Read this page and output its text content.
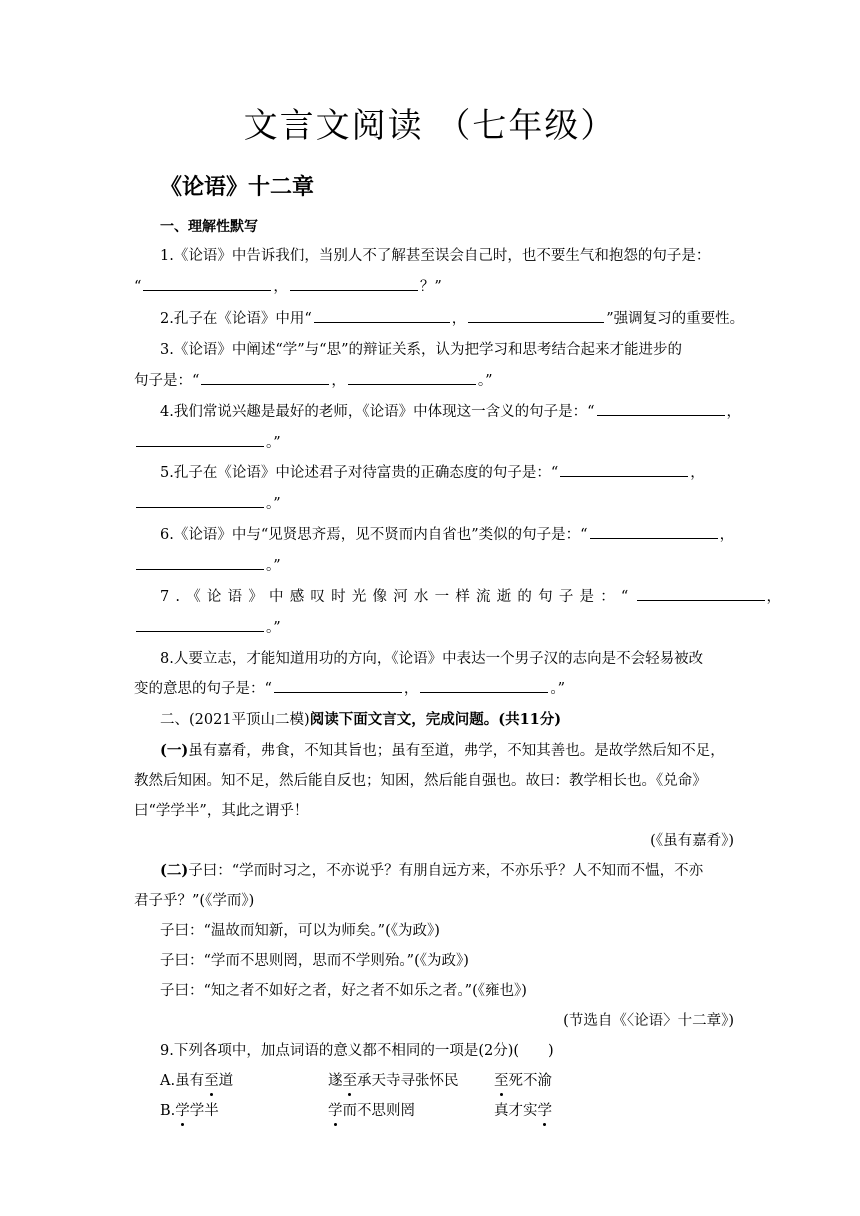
文言文阅读 （七年级）
《论语》十二章
一、理解性默写
1.《论语》中告诉我们，当别人不了解甚至误会自己时，也不要生气和抱怨的句子是：
“	，	？”
2.孔子在《论语》中用“	，	”强调复习的重要性。
3.《论语》中阐述“学”与“思”的辩证关系，认为把学习和思考结合起来才能进步的
句子是：“	，	。”
4.我们常说兴趣是最好的老师，《论语》中体现这一含义的句子是：“	，
。”
5.孔子在《论语》中论述君子对待富贵的正确态度的句子是：“	，
。”
6.《论语》中与“见贤思齐焉，见不贤而内自省也”类似的句子是：“	，
。”
7.《论语》中感叹时光像河水一样流逝的句子是：“	，
。”
8.人要立志，才能知道用功的方向，《论语》中表达一个男子汉的志向是不会轻易被改
变的意思的句子是：“	，	。”
二、(2021平顶山二模)阅读下面文言文，完成问题。(共11分)
(一)虽有嘉肴，弗食，不知其旨也；虽有至道，弗学，不知其善也。是故学然后知不足，
教然后知困。知不足，然后能自反也；知困，然后能自强也。故曰：教学相长也。《兑命》
曰“学学半”，其此之谓乎！
(《虽有嘉肴》)
(二)子曰：“学而时习之，不亦说乎？有朋自远方来，不亦乐乎？人不知而不愠，不亦
君子乎？”(《学而》)
子曰：“温故而知新，可以为师矣。”(《为政》)
子曰：“学而不思则罔，思而不学则殆。”(《为政》)
子曰：“知之者不如好之者，好之者不如乐之者。”(《雍也》)
(节选自《〈论语〉十二章》)
9.下列各项中，加点词语的意义都不相同的一项是(2分)(　　)
A.虽有至道	遂至承天寺寻张怀民 至死不渝
B.学学半	学而不思则罔	真才实学
